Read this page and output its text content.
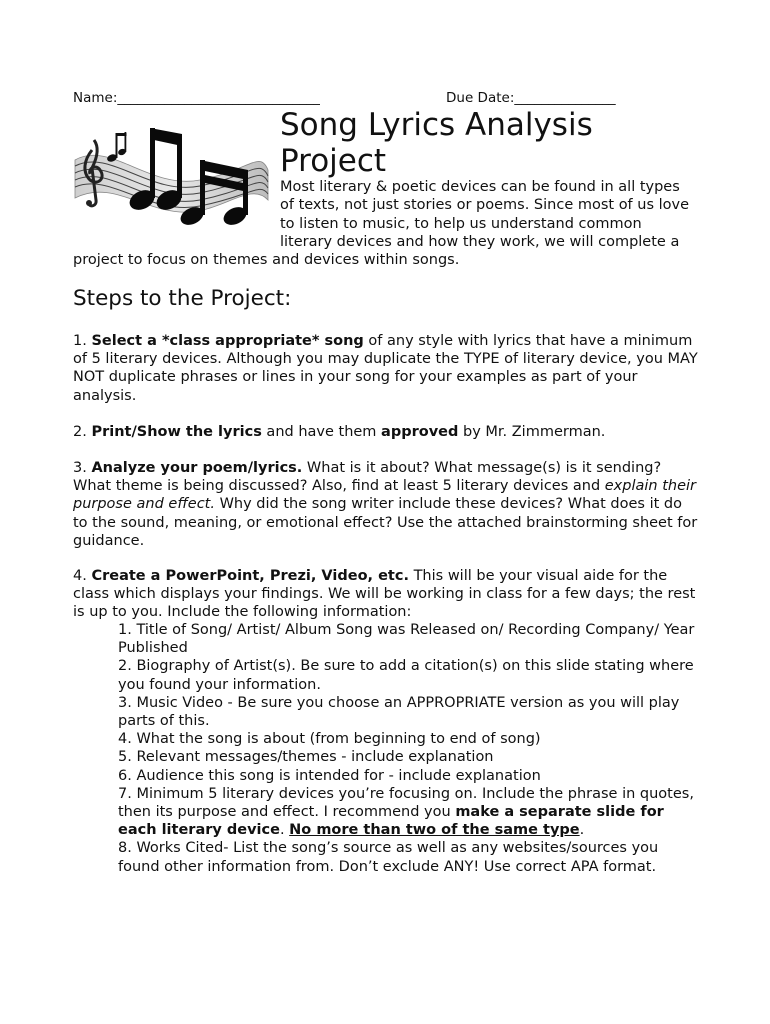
Name:______________________________	Due Date:_______________
Song Lyrics Analysis
Project
Most literary & poetic devices can be found in all types of texts, not just stories or poems. Since most of us love to listen to music, to help us understand common literary devices and how they work, we will complete a project to focus on themes and devices within songs.
Steps to the Project:

1. Select a *class appropriate* song of any style with lyrics that have a minimum of 5 literary devices. Although you may duplicate the TYPE of literary device, you MAY NOT duplicate phrases or lines in your song for your examples as part of your analysis.

2. Print/Show the lyrics and have them approved by Mr. Zimmerman.

3. Analyze your poem/lyrics. What is it about? What message(s) is it sending? What theme is being discussed? Also, find at least 5 literary devices and explain their purpose and effect. Why did the song writer include these devices? What does it do to the sound, meaning, or emotional effect? Use the attached brainstorming sheet for guidance.

4. Create a PowerPoint, Prezi, Video, etc. This will be your visual aide for the class which displays your findings. We will be working in class for a few days; the rest is up to you. Include the following information:

1. Title of Song/ Artist/ Album Song was Released on/ Recording Company/ Year
Published
2. Biography of Artist(s). Be sure to add a citation(s) on this slide stating where you found your information.
3. Music Video - Be sure you choose an APPROPRIATE version as you will play parts of this.
4. What the song is about (from beginning to end of song)
5. Relevant messages/themes - include explanation
6. Audience this song is intended for - include explanation
7. Minimum 5 literary devices you’re focusing on. Include the phrase in quotes, then its purpose and effect. I recommend you make a separate slide for each literary device. No more than two of the same type.
8. Works Cited- List the song’s source as well as any websites/sources you found other information from. Don’t exclude ANY! Use correct APA format.
